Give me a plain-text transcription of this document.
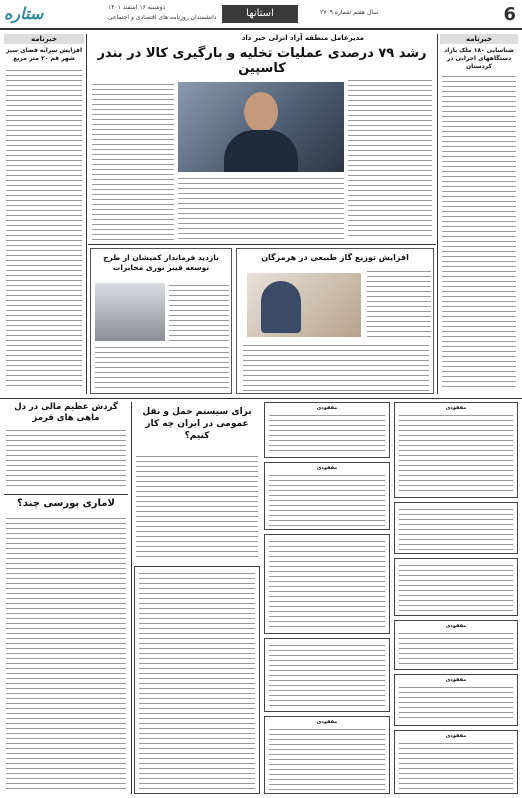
ستاره	دوشنبه ۱۶ اسفند ۱۴۰۱
دانشمندان روزنامه های اقتصادی و اجتماعی	استانها	سال هفتم شماره ۲۷۰۹	6
خبرنامه
افزایش سرانه فضای سبز شهر قم ۲۰ متر مربع
خبرنامه
شناسایی ۱۸۰ ملک بازاد دستگاههای اجرایی در کردستان
مدیرعامل منطقه آزاد انزلی خبر داد
رشد ۷۹ درصدی عملیات تخلیه و بارگیری کالا در بندر کاسپین
افزایش توزیع گاز طبیعی در هرمزگان
بازدید فرماندار کمیشان از طرح توسعه فیبر نوری مخابرات
گردش عظیم مالی در دل ماهی های قرمز
لاماری بورسی چند؟
برای سیستم حمل و نقل عمومی در ایران چه کار کنیم؟
مفقودی
مفقودی
مفقودی
مفقودی
مفقودی
مفقودی
مفقودی
